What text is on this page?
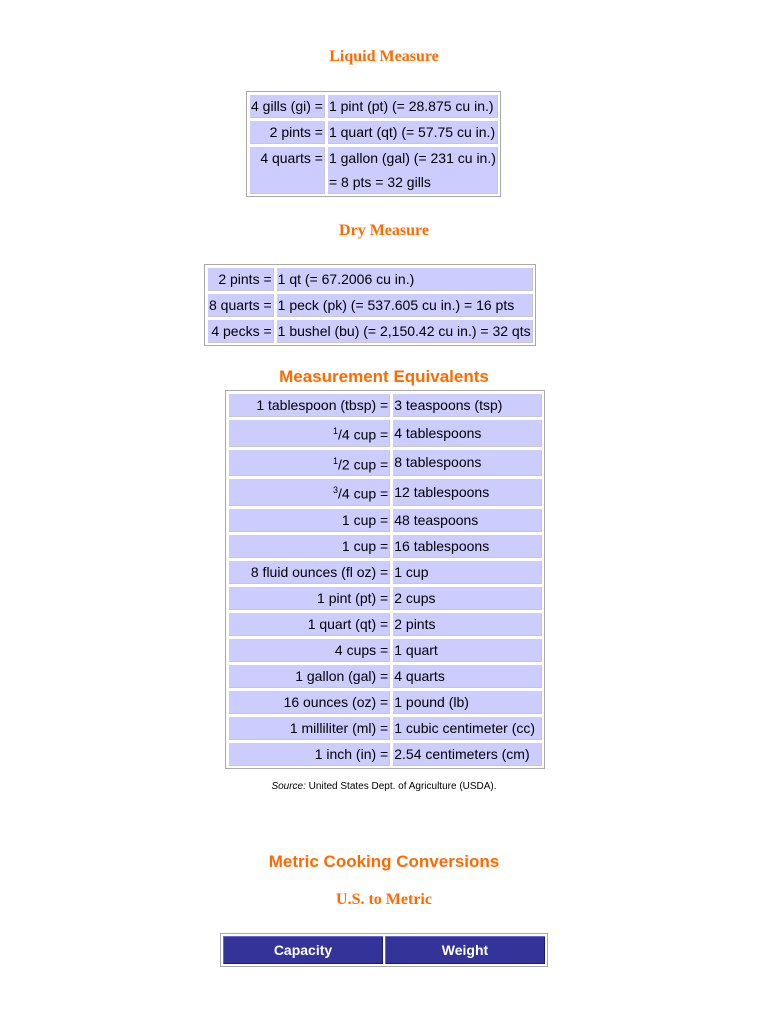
Liquid Measure
4 gills (gi) =	1 pint (pt) (= 28.875 cu in.)
2 pints =	1 quart (qt) (= 57.75 cu in.)
4 quarts =	1 gallon (gal) (= 231 cu in.)
= 8 pts = 32 gills
Dry Measure
2 pints =	1 qt (= 67.2006 cu in.)
8 quarts =	1 peck (pk) (= 537.605 cu in.) = 16 pts
4 pecks =	1 bushel (bu) (= 2,150.42 cu in.) = 32 qts
Measurement Equivalents
1 tablespoon (tbsp) =	3 teaspoons (tsp)
$^1$/4 cup =	4 tablespoons
$^1$/2 cup =	8 tablespoons
$^3$/4 cup =	12 tablespoons
1 cup =	48 teaspoons
1 cup =	16 tablespoons
8 fluid ounces (fl oz) =	1 cup
1 pint (pt) =	2 cups
1 quart (qt) =	2 pints
4 cups =	1 quart
1 gallon (gal) =	4 quarts
16 ounces (oz) =	1 pound (lb)
1 milliliter (ml) =	1 cubic centimeter (cc)
1 inch (in) =	2.54 centimeters (cm)
Source: United States Dept. of Agriculture (USDA).
Metric Cooking Conversions
U.S. to Metric
Capacity	Weight
